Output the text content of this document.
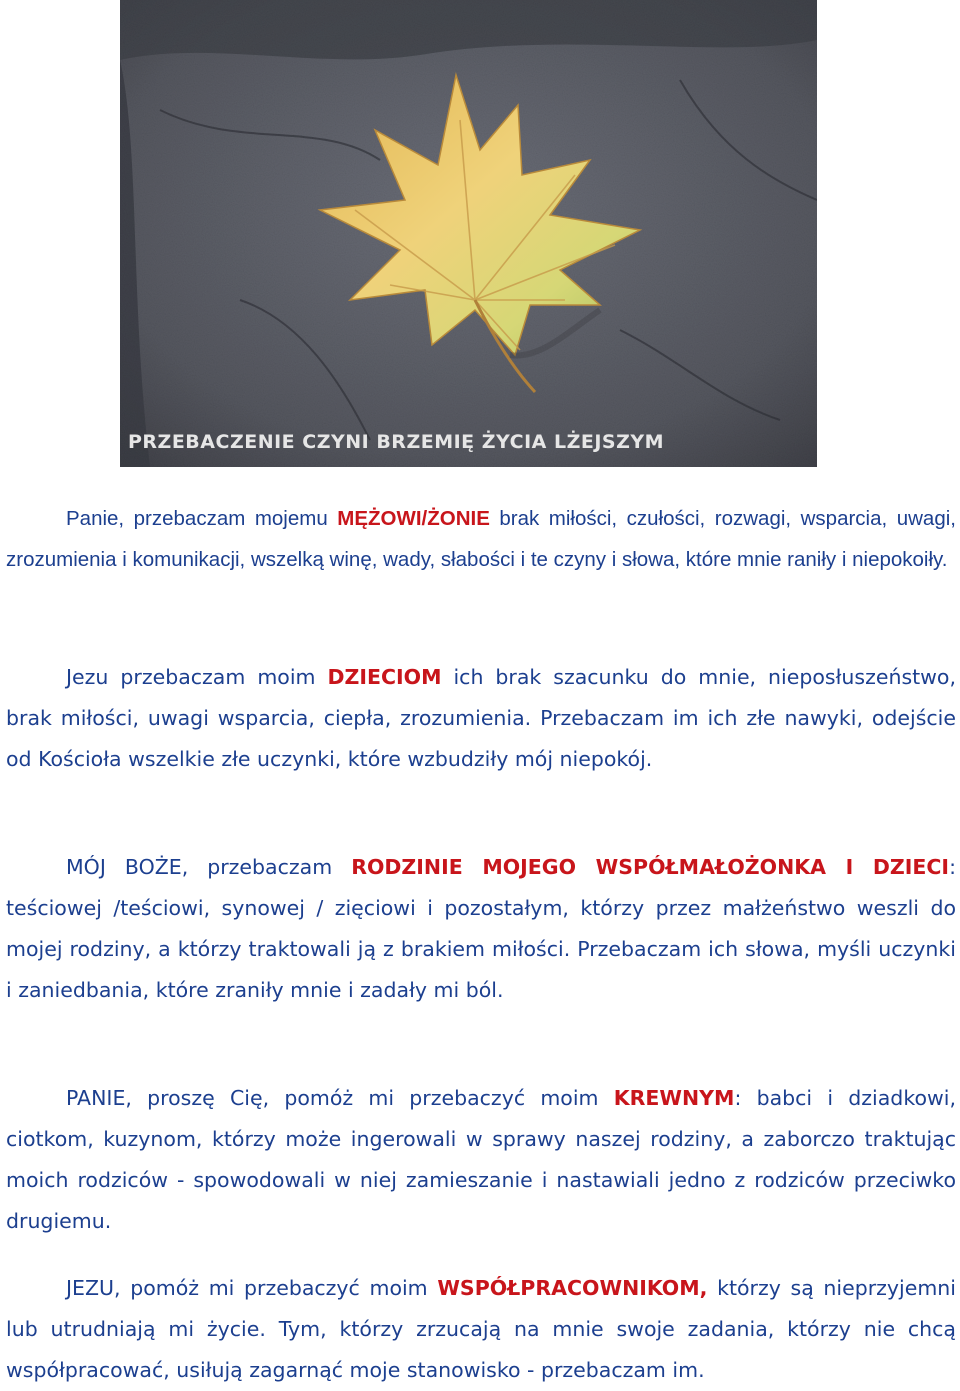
PRZEBACZENIE CZYNI BRZEMIĘ ŻYCIA LŻEJSZYM

Panie, przebaczam mojemu MĘŻOWI/ŻONIE brak miłości, czułości, rozwagi, wsparcia, uwagi, zrozumienia i komunikacji, wszelką winę, wady, słabości i te czyny i słowa, które mnie raniły i niepokoiły.

Jezu przebaczam moim DZIECIOM ich brak szacunku do mnie, nieposłuszeństwo, brak miłości, uwagi wsparcia, ciepła, zrozumienia. Przebaczam im ich złe nawyki, odejście od Kościoła wszelkie złe uczynki, które wzbudziły mój niepokój.

MÓJ BOŻE, przebaczam RODZINIE MOJEGO WSPÓŁMAŁOŻONKA I DZIECI: teściowej /teściowi, synowej / zięciowi i pozostałym, którzy przez małżeństwo weszli do mojej rodziny, a którzy traktowali ją z brakiem miłości. Przebaczam ich słowa, myśli uczynki i zaniedbania, które zraniły mnie i zadały mi ból.

PANIE, proszę Cię, pomóż mi przebaczyć moim KREWNYM: babci i dziadkowi, ciotkom, kuzynom, którzy może ingerowali w sprawy naszej rodziny, a zaborczo traktując moich rodziców - spowodowali w niej zamieszanie i nastawiali jedno z rodziców przeciwko drugiemu.

JEZU, pomóż mi przebaczyć moim WSPÓŁPRACOWNIKOM, którzy są nieprzyjemni lub utrudniają mi życie. Tym, którzy zrzucają na mnie swoje zadania, którzy nie chcą współpracować, usiłują zagarnąć moje stanowisko - przebaczam im.
